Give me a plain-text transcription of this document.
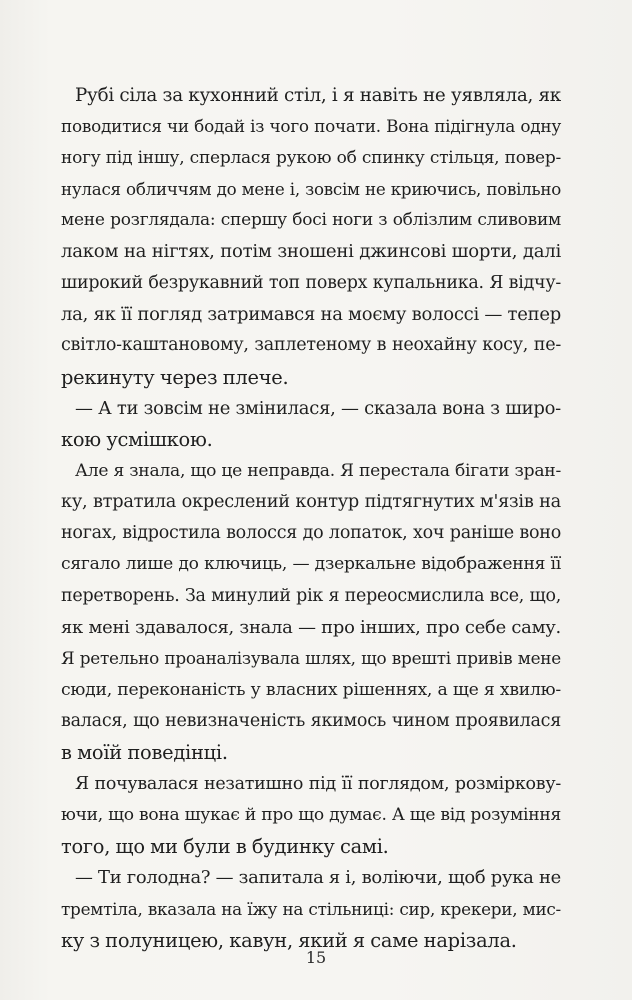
Рубі сіла за кухонний стіл, і я навіть не уявляла, як
поводитися чи бодай із чого почати. Вона підігнула одну
ногу під іншу, сперлася рукою об спинку стільця, повер-
нулася обличчям до мене і, зовсім не криючись, повільно
мене розглядала: спершу босі ноги з облізлим сливовим
лаком на нігтях, потім зношені джинсові шорти, далі
широкий безрукавний топ поверх купальника. Я відчу-
ла, як її погляд затримався на моєму волоссі — тепер
світло-каштановому, заплетеному в неохайну косу, пе-
рекинуту через плече.

— А ти зовсім не змінилася, — сказала вона з широ-
кою усмішкою.

Але я знала, що це неправда. Я перестала бігати зран-
ку, втратила окреслений контур підтягнутих м'язів на
ногах, відростила волосся до лопаток, хоч раніше воно
сягало лише до ключиць, — дзеркальне відображення її
перетворень. За минулий рік я переосмислила все, що,
як мені здавалося, знала — про інших, про себе саму.
Я ретельно проаналізувала шлях, що врешті привів мене
сюди, переконаність у власних рішеннях, а ще я хвилю-
валася, що невизначеність якимось чином проявилася
в моїй поведінці.

Я почувалася незатишно під її поглядом, розміркову-
ючи, що вона шукає й про що думає. А ще від розуміння
того, що ми були в будинку самі.

— Ти голодна? — запитала я і, воліючи, щоб рука не
тремтіла, вказала на їжу на стільниці: сир, крекери, мис-
ку з полуницею, кавун, який я саме нарізала.

15
